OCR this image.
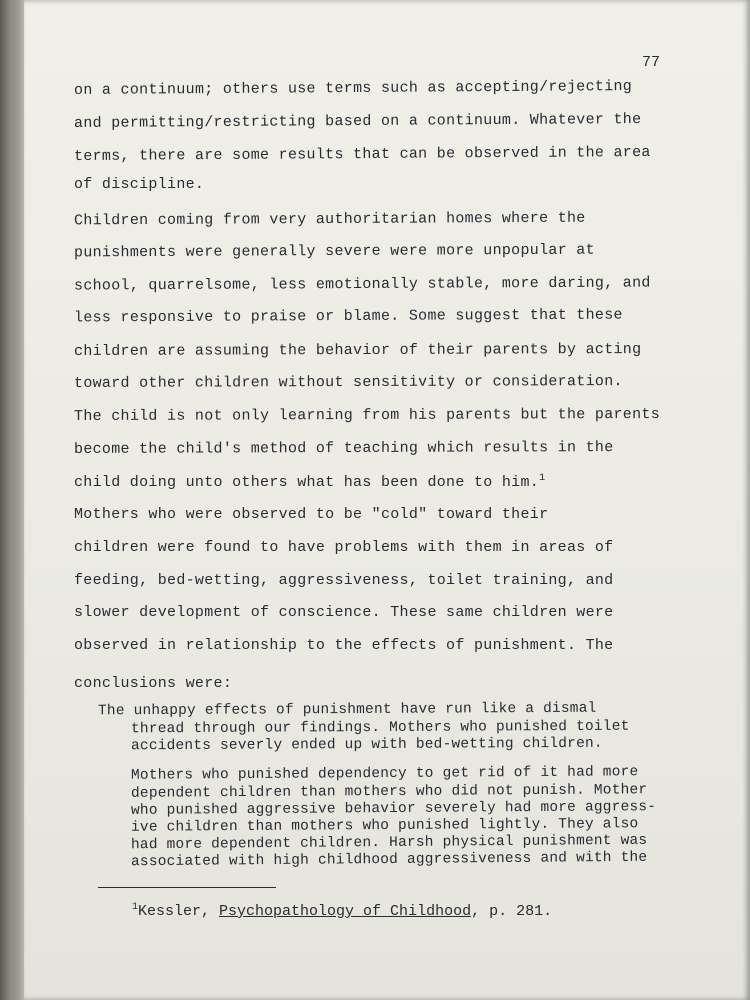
77
on a continuum; others use terms such as accepting/rejecting
and permitting/restricting based on a continuum. Whatever the
terms, there are some results that can be observed in the area
of discipline.
Children coming from very authoritarian homes where the
punishments were generally severe were more unpopular at
school, quarrelsome, less emotionally stable, more daring, and
less responsive to praise or blame. Some suggest that these
children are assuming the behavior of their parents by acting
toward other children without sensitivity or consideration.
The child is not only learning from his parents but the parents
become the child's method of teaching which results in the
child doing unto others what has been done to him.$^1$
Mothers who were observed to be "cold" toward their
children were found to have problems with them in areas of
feeding, bed-wetting, aggressiveness, toilet training, and
slower development of conscience. These same children were
observed in relationship to the effects of punishment. The
conclusions were:
The unhappy effects of punishment have run like a dismal
thread through our findings. Mothers who punished toilet
accidents severly ended up with bed-wetting children.
Mothers who punished dependency to get rid of it had more
dependent children than mothers who did not punish. Mother
who punished aggressive behavior severely had more aggress-
ive children than mothers who punished lightly. They also
had more dependent children. Harsh physical punishment was
associated with high childhood aggressiveness and with the
$^1$Kessler, Psychopathology of Childhood, p. 281.
